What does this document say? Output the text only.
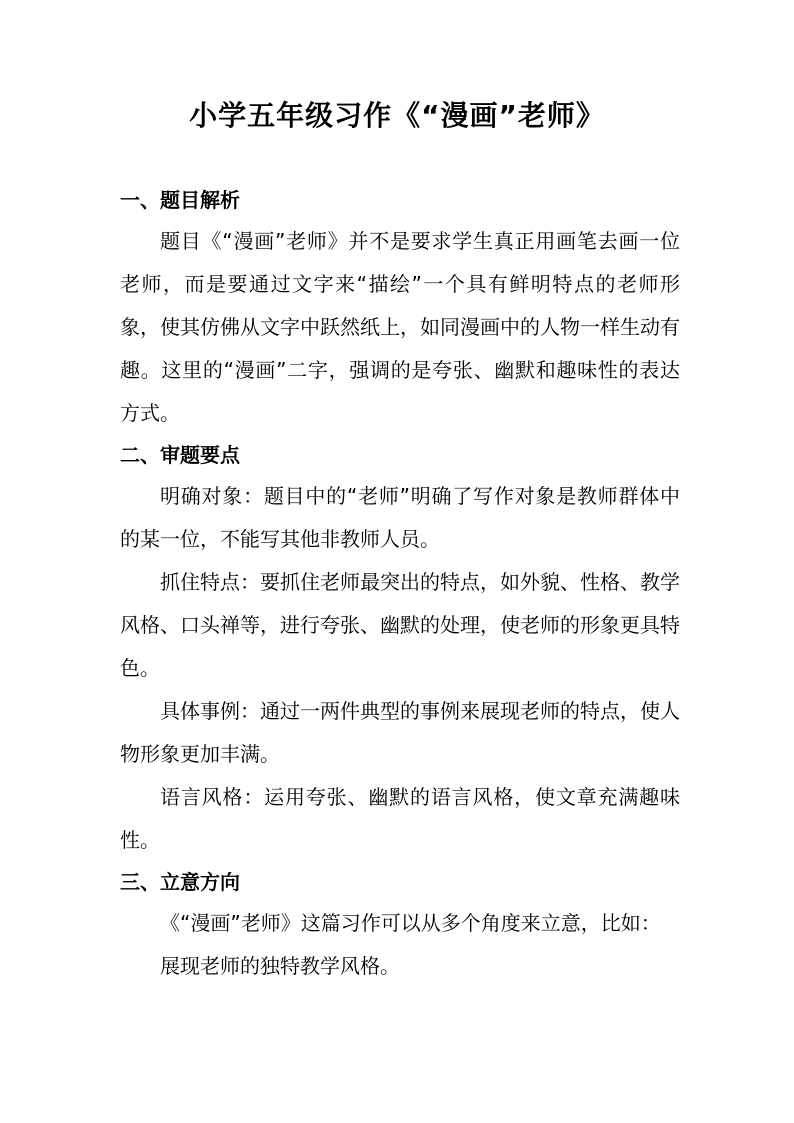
小学五年级习作《“漫画”老师》
一、题目解析

题目《“漫画”老师》并不是要求学生真正用画笔去画一位老师，而是要通过文字来“描绘”一个具有鲜明特点的老师形象，使其仿佛从文字中跃然纸上，如同漫画中的人物一样生动有趣。这里的“漫画”二字，强调的是夸张、幽默和趣味性的表达方式。

二、审题要点

明确对象：题目中的“老师”明确了写作对象是教师群体中的某一位，不能写其他非教师人员。

抓住特点：要抓住老师最突出的特点，如外貌、性格、教学风格、口头禅等，进行夸张、幽默的处理，使老师的形象更具特色。

具体事例：通过一两件典型的事例来展现老师的特点，使人物形象更加丰满。

语言风格：运用夸张、幽默的语言风格，使文章充满趣味性。

三、立意方向

《“漫画”老师》这篇习作可以从多个角度来立意，比如：

展现老师的独特教学风格。
